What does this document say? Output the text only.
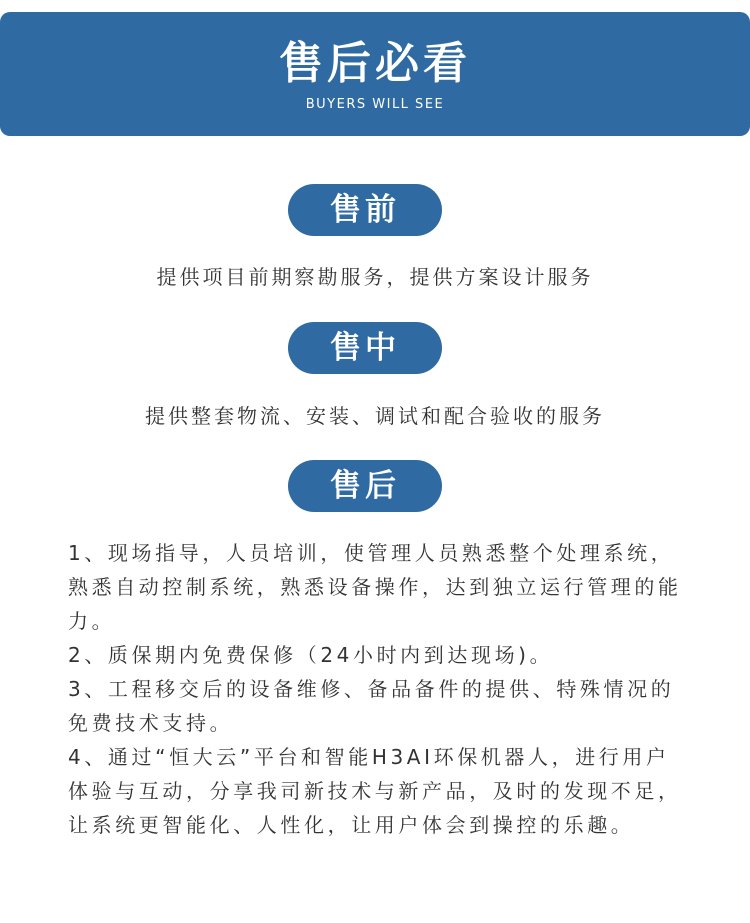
售后必看
BUYERS WILL SEE
售前
提供项目前期察勘服务，提供方案设计服务
售中
提供整套物流、安装、调试和配合验收的服务
售后

1、现场指导，人员培训，使管理人员熟悉整个处理系统，熟悉自动控制系统，熟悉设备操作，达到独立运行管理的能力。

2、质保期内免费保修（24小时内到达现场)。

3、工程移交后的设备维修、备品备件的提供、特殊情况的免费技术支持。

4、通过“恒大云”平台和智能H3AI环保机器人，进行用户体验与互动，分享我司新技术与新产品，及时的发现不足，让系统更智能化、人性化，让用户体会到操控的乐趣。
